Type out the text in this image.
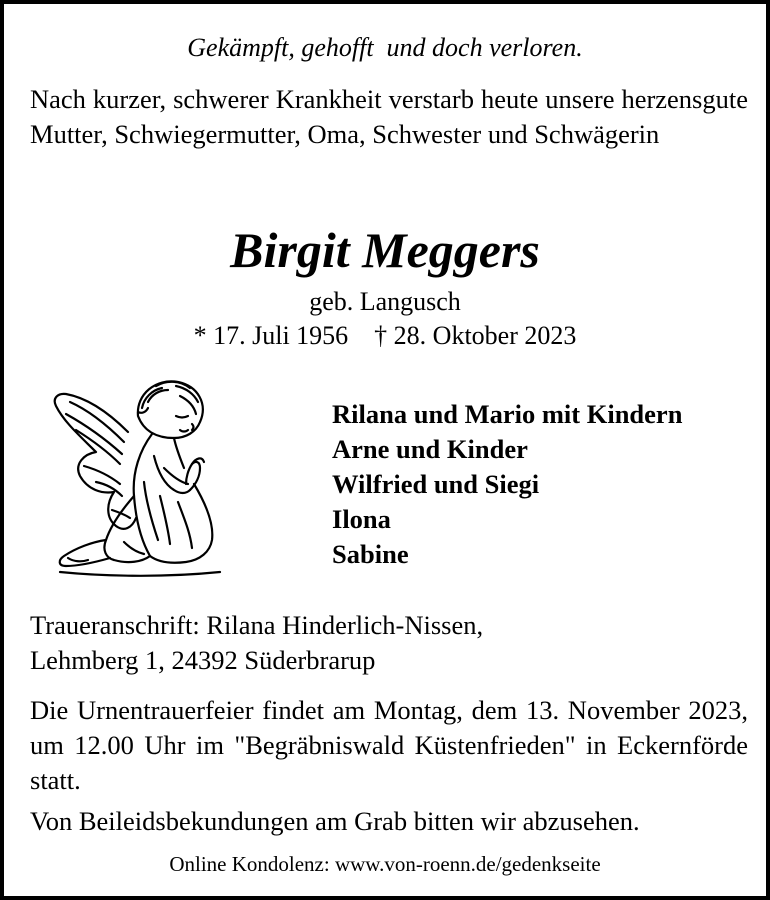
Gekämpft, gehofft  und doch verloren.
Nach kurzer, schwerer Krankheit verstarb heute unsere herzensgute Mutter, Schwiegermutter, Oma, Schwester und Schwägerin
Birgit Meggers
geb. Langusch
* 17. Juli 1956    † 28. Oktober 2023
Rilana und Mario mit Kindern
Arne und Kinder
Wilfried und Siegi
Ilona
Sabine
Traueranschrift: Rilana Hinderlich-Nissen,
Lehmberg 1, 24392 Süderbrarup
Die Urnentrauerfeier findet am Montag, dem 13. November 2023, um 12.00 Uhr im "Begräbniswald Küstenfrieden" in Eckernförde statt.
Von Beileidsbekundungen am Grab bitten wir abzusehen.
Online Kondolenz: www.von-roenn.de/gedenkseite
